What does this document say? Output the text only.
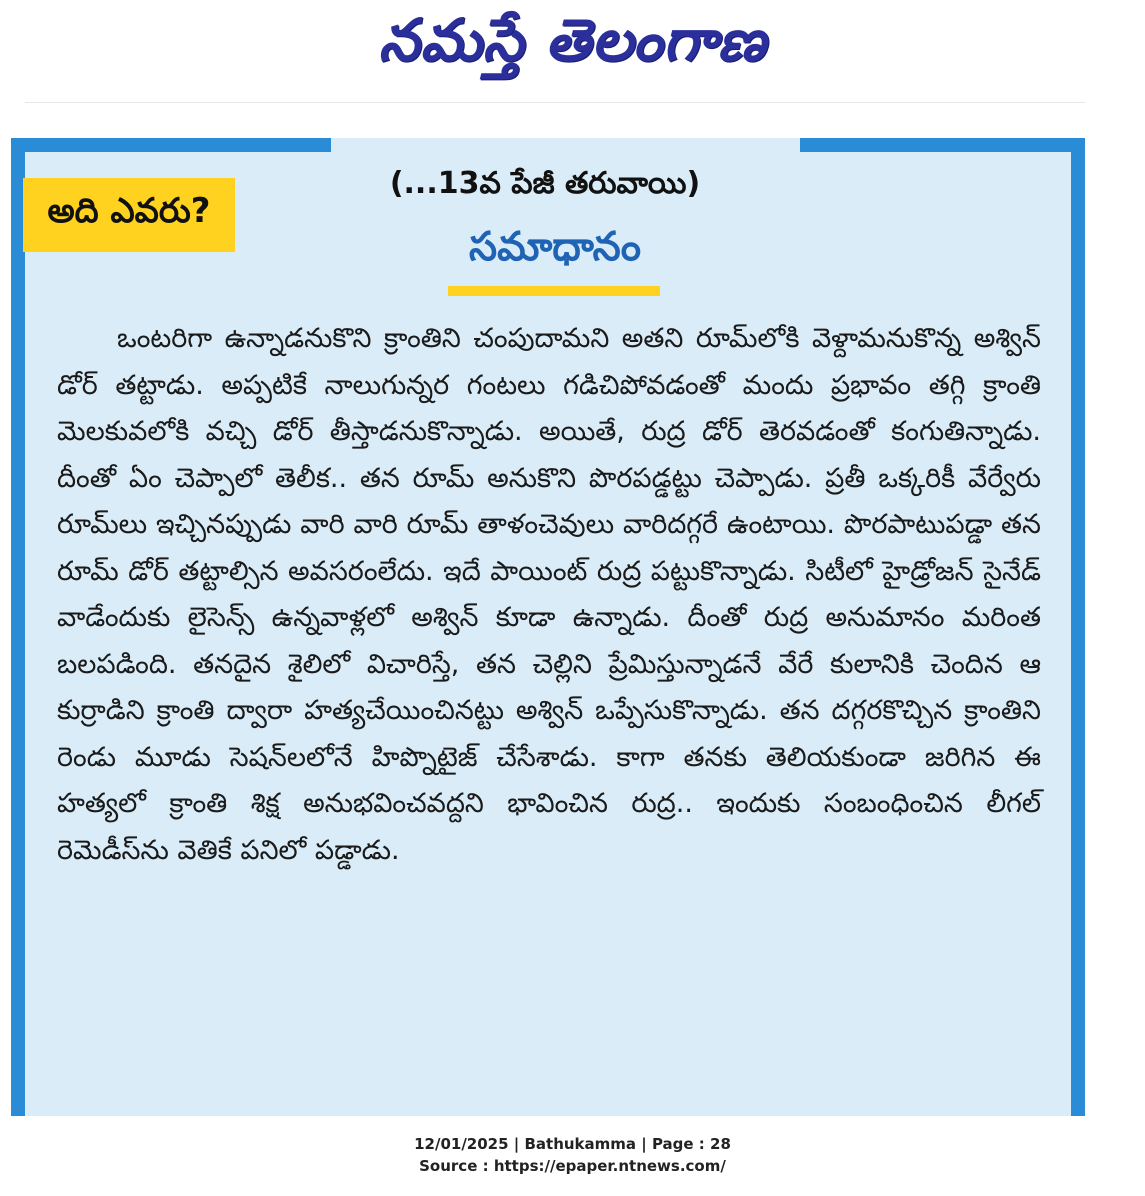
నమస్తే తెలంగాణ
అది ఎవరు?
(...13వ పేజీ తరువాయి)
సమాధానం

ఒంటరిగా ఉన్నాడనుకొని క్రాంతిని చంపుదామని అతని రూమ్‌లోకి వెళ్దామనుకొన్న అశ్విన్ డోర్ తట్టాడు. అప్పటికే నాలుగున్నర గంటలు గడిచిపోవడంతో మందు ప్రభావం తగ్గి క్రాంతి మెలకువలోకి వచ్చి డోర్ తీస్తాడనుకొన్నాడు. అయితే, రుద్ర డోర్ తెరవడంతో కంగుతిన్నాడు. దీంతో ఏం చెప్పాలో తెలీక.. తన రూమ్ అనుకొని పొరపడ్డట్టు చెప్పాడు. ప్రతీ ఒక్కరికీ వేర్వేరు రూమ్‌లు ఇచ్చినప్పుడు వారి వారి రూమ్ తాళంచెవులు వారిదగ్గరే ఉంటాయి. పొరపాటుపడ్డా తన రూమ్ డోర్ తట్టాల్సిన అవసరంలేదు. ఇదే పాయింట్ రుద్ర పట్టుకొన్నాడు. సిటీలో హైడ్రోజన్ సైనేడ్ వాడేందుకు లైసెన్స్ ఉన్నవాళ్లలో అశ్విన్ కూడా ఉన్నాడు. దీంతో రుద్ర అనుమానం మరింత బలపడింది. తనదైన శైలిలో విచారిస్తే, తన చెల్లిని ప్రేమిస్తున్నాడనే వేరే కులానికి చెందిన ఆ కుర్రాడిని క్రాంతి ద్వారా హత్యచేయించినట్టు అశ్విన్ ఒప్పేసుకొన్నాడు. తన దగ్గరకొచ్చిన క్రాంతిని రెండు మూడు సెషన్‌లలోనే హిప్నొటైజ్ చేసేశాడు. కాగా తనకు తెలియకుండా జరిగిన ఈ హత్యలో క్రాంతి శిక్ష అనుభవించవద్దని భావించిన రుద్ర.. ఇందుకు సంబంధించిన లీగల్ రెమెడీస్‌ను వెతికే పనిలో పడ్డాడు.

12/01/2025 | Bathukamma | Page : 28
Source : https://epaper.ntnews.com/
